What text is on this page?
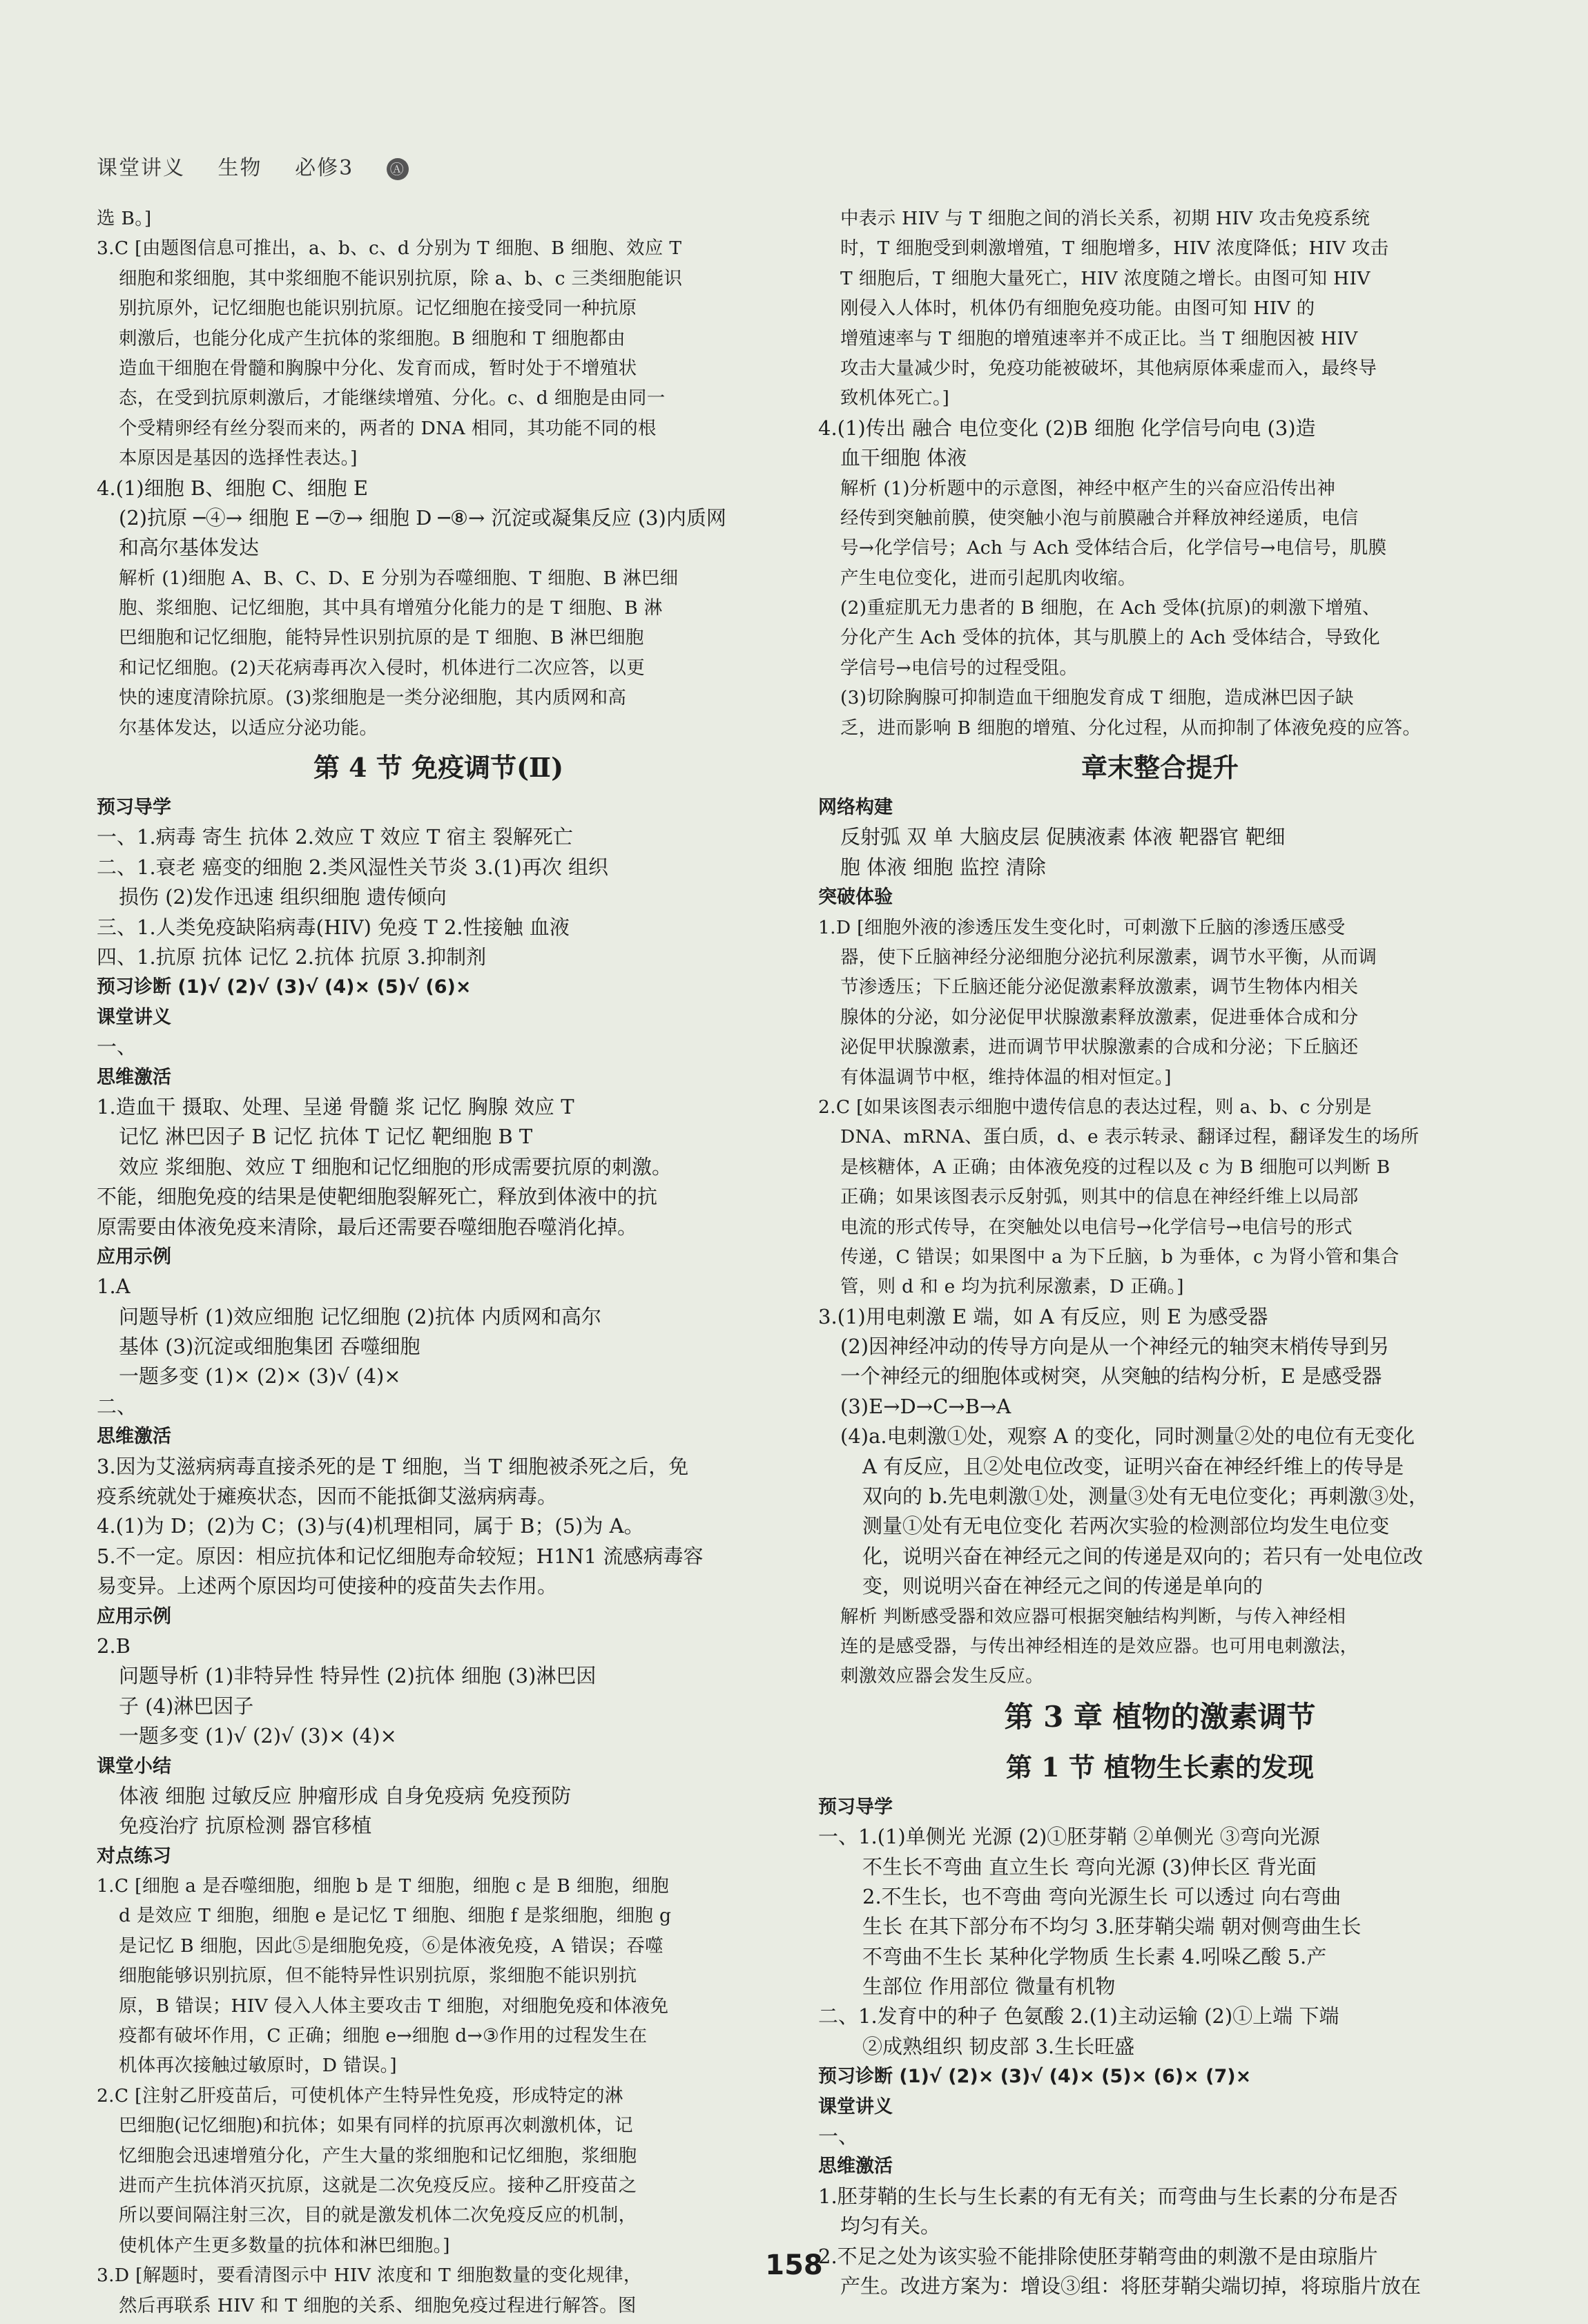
课堂讲义 生物 必修3	Ⓐ
选 B。]
3.C [由题图信息可推出，a、b、c、d 分别为 T 细胞、B 细胞、效应 T
细胞和浆细胞，其中浆细胞不能识别抗原，除 a、b、c 三类细胞能识
别抗原外，记忆细胞也能识别抗原。记忆细胞在接受同一种抗原
刺激后，也能分化成产生抗体的浆细胞。B 细胞和 T 细胞都由
造血干细胞在骨髓和胸腺中分化、发育而成，暂时处于不增殖状
态，在受到抗原刺激后，才能继续增殖、分化。c、d 细胞是由同一
个受精卵经有丝分裂而来的，两者的 DNA 相同，其功能不同的根
本原因是基因的选择性表达。]
4.(1)细胞 B、细胞 C、细胞 E
(2)抗原 ─④→ 细胞 E ─⑦→ 细胞 D ─⑧→ 沉淀或凝集反应 (3)内质网
和高尔基体发达
解析 (1)细胞 A、B、C、D、E 分别为吞噬细胞、T 细胞、B 淋巴细
胞、浆细胞、记忆细胞，其中具有增殖分化能力的是 T 细胞、B 淋
巴细胞和记忆细胞，能特异性识别抗原的是 T 细胞、B 淋巴细胞
和记忆细胞。(2)天花病毒再次入侵时，机体进行二次应答，以更
快的速度清除抗原。(3)浆细胞是一类分泌细胞，其内质网和高
尔基体发达，以适应分泌功能。
第 4 节 免疫调节(Ⅱ)
预习导学
一、1.病毒 寄生 抗体 2.效应 T 效应 T 宿主 裂解死亡
二、1.衰老 癌变的细胞 2.类风湿性关节炎 3.(1)再次 组织
损伤 (2)发作迅速 组织细胞 遗传倾向
三、1.人类免疫缺陷病毒(HIV) 免疫 T 2.性接触 血液
四、1.抗原 抗体 记忆 2.抗体 抗原 3.抑制剂
预习诊断 (1)√ (2)√ (3)√ (4)× (5)√ (6)×
课堂讲义
一、
思维激活
1.造血干 摄取、处理、呈递 骨髓 浆 记忆 胸腺 效应 T
记忆 淋巴因子 B 记忆 抗体 T 记忆 靶细胞 B T
效应 浆细胞、效应 T 细胞和记忆细胞的形成需要抗原的刺激。
不能，细胞免疫的结果是使靶细胞裂解死亡，释放到体液中的抗
原需要由体液免疫来清除，最后还需要吞噬细胞吞噬消化掉。
应用示例
1.A
问题导析 (1)效应细胞 记忆细胞 (2)抗体 内质网和高尔
基体 (3)沉淀或细胞集团 吞噬细胞
一题多变 (1)× (2)× (3)√ (4)×
二、
思维激活
3.因为艾滋病病毒直接杀死的是 T 细胞，当 T 细胞被杀死之后，免
疫系统就处于瘫痪状态，因而不能抵御艾滋病病毒。
4.(1)为 D；(2)为 C；(3)与(4)机理相同，属于 B；(5)为 A。
5.不一定。原因：相应抗体和记忆细胞寿命较短；H1N1 流感病毒容
易变异。上述两个原因均可使接种的疫苗失去作用。
应用示例
2.B
问题导析 (1)非特异性 特异性 (2)抗体 细胞 (3)淋巴因
子 (4)淋巴因子
一题多变 (1)√ (2)√ (3)× (4)×
课堂小结
体液 细胞 过敏反应 肿瘤形成 自身免疫病 免疫预防
免疫治疗 抗原检测 器官移植
对点练习
1.C [细胞 a 是吞噬细胞，细胞 b 是 T 细胞，细胞 c 是 B 细胞，细胞
d 是效应 T 细胞，细胞 e 是记忆 T 细胞、细胞 f 是浆细胞，细胞 g
是记忆 B 细胞，因此⑤是细胞免疫，⑥是体液免疫，A 错误；吞噬
细胞能够识别抗原，但不能特异性识别抗原，浆细胞不能识别抗
原，B 错误；HIV 侵入人体主要攻击 T 细胞，对细胞免疫和体液免
疫都有破坏作用，C 正确；细胞 e→细胞 d→③作用的过程发生在
机体再次接触过敏原时，D 错误。]
2.C [注射乙肝疫苗后，可使机体产生特异性免疫，形成特定的淋
巴细胞(记忆细胞)和抗体；如果有同样的抗原再次刺激机体，记
忆细胞会迅速增殖分化，产生大量的浆细胞和记忆细胞，浆细胞
进而产生抗体消灭抗原，这就是二次免疫反应。接种乙肝疫苗之
所以要间隔注射三次，目的就是激发机体二次免疫反应的机制，
使机体产生更多数量的抗体和淋巴细胞。]
3.D [解题时，要看清图示中 HIV 浓度和 T 细胞数量的变化规律，
然后再联系 HIV 和 T 细胞的关系、细胞免疫过程进行解答。图
中表示 HIV 与 T 细胞之间的消长关系，初期 HIV 攻击免疫系统
时，T 细胞受到刺激增殖，T 细胞增多，HIV 浓度降低；HIV 攻击
T 细胞后，T 细胞大量死亡，HIV 浓度随之增长。由图可知 HIV
刚侵入人体时，机体仍有细胞免疫功能。由图可知 HIV 的
增殖速率与 T 细胞的增殖速率并不成正比。当 T 细胞因被 HIV
攻击大量减少时，免疫功能被破坏，其他病原体乘虚而入，最终导
致机体死亡。]
4.(1)传出 融合 电位变化 (2)B 细胞 化学信号向电 (3)造
血干细胞 体液
解析 (1)分析题中的示意图，神经中枢产生的兴奋应沿传出神
经传到突触前膜，使突触小泡与前膜融合并释放神经递质，电信
号→化学信号；Ach 与 Ach 受体结合后，化学信号→电信号，肌膜
产生电位变化，进而引起肌肉收缩。
(2)重症肌无力患者的 B 细胞，在 Ach 受体(抗原)的刺激下增殖、
分化产生 Ach 受体的抗体，其与肌膜上的 Ach 受体结合，导致化
学信号→电信号的过程受阻。
(3)切除胸腺可抑制造血干细胞发育成 T 细胞，造成淋巴因子缺
乏，进而影响 B 细胞的增殖、分化过程，从而抑制了体液免疫的应答。
章末整合提升
网络构建
反射弧 双 单 大脑皮层 促胰液素 体液 靶器官 靶细
胞 体液 细胞 监控 清除
突破体验
1.D [细胞外液的渗透压发生变化时，可刺激下丘脑的渗透压感受
器，使下丘脑神经分泌细胞分泌抗利尿激素，调节水平衡，从而调
节渗透压；下丘脑还能分泌促激素释放激素，调节生物体内相关
腺体的分泌，如分泌促甲状腺激素释放激素，促进垂体合成和分
泌促甲状腺激素，进而调节甲状腺激素的合成和分泌；下丘脑还
有体温调节中枢，维持体温的相对恒定。]
2.C [如果该图表示细胞中遗传信息的表达过程，则 a、b、c 分别是
DNA、mRNA、蛋白质，d、e 表示转录、翻译过程，翻译发生的场所
是核糖体，A 正确；由体液免疫的过程以及 c 为 B 细胞可以判断 B
正确；如果该图表示反射弧，则其中的信息在神经纤维上以局部
电流的形式传导，在突触处以电信号→化学信号→电信号的形式
传递，C 错误；如果图中 a 为下丘脑，b 为垂体，c 为肾小管和集合
管，则 d 和 e 均为抗利尿激素，D 正确。]
3.(1)用电刺激 E 端，如 A 有反应，则 E 为感受器
(2)因神经冲动的传导方向是从一个神经元的轴突末梢传导到另
一个神经元的细胞体或树突，从突触的结构分析，E 是感受器
(3)E→D→C→B→A
(4)a.电刺激①处，观察 A 的变化，同时测量②处的电位有无变化
A 有反应，且②处电位改变，证明兴奋在神经纤维上的传导是
双向的 b.先电刺激①处，测量③处有无电位变化；再刺激③处，
测量①处有无电位变化 若两次实验的检测部位均发生电位变
化，说明兴奋在神经元之间的传递是双向的；若只有一处电位改
变，则说明兴奋在神经元之间的传递是单向的
解析 判断感受器和效应器可根据突触结构判断，与传入神经相
连的是感受器，与传出神经相连的是效应器。也可用电刺激法，
刺激效应器会发生反应。
第 3 章 植物的激素调节
第 1 节 植物生长素的发现
预习导学
一、1.(1)单侧光 光源 (2)①胚芽鞘 ②单侧光 ③弯向光源
不生长不弯曲 直立生长 弯向光源 (3)伸长区 背光面
2.不生长，也不弯曲 弯向光源生长 可以透过 向右弯曲
生长 在其下部分布不均匀 3.胚芽鞘尖端 朝对侧弯曲生长
不弯曲不生长 某种化学物质 生长素 4.吲哚乙酸 5.产
生部位 作用部位 微量有机物
二、1.发育中的种子 色氨酸 2.(1)主动运输 (2)①上端 下端
②成熟组织 韧皮部 3.生长旺盛
预习诊断 (1)√ (2)× (3)√ (4)× (5)× (6)× (7)×
课堂讲义
一、
思维激活
1.胚芽鞘的生长与生长素的有无有关；而弯曲与生长素的分布是否
均匀有关。
2.不足之处为该实验不能排除使胚芽鞘弯曲的刺激不是由琼脂片
产生。改进方案为：增设③组：将胚芽鞘尖端切掉，将琼脂片放在
158
